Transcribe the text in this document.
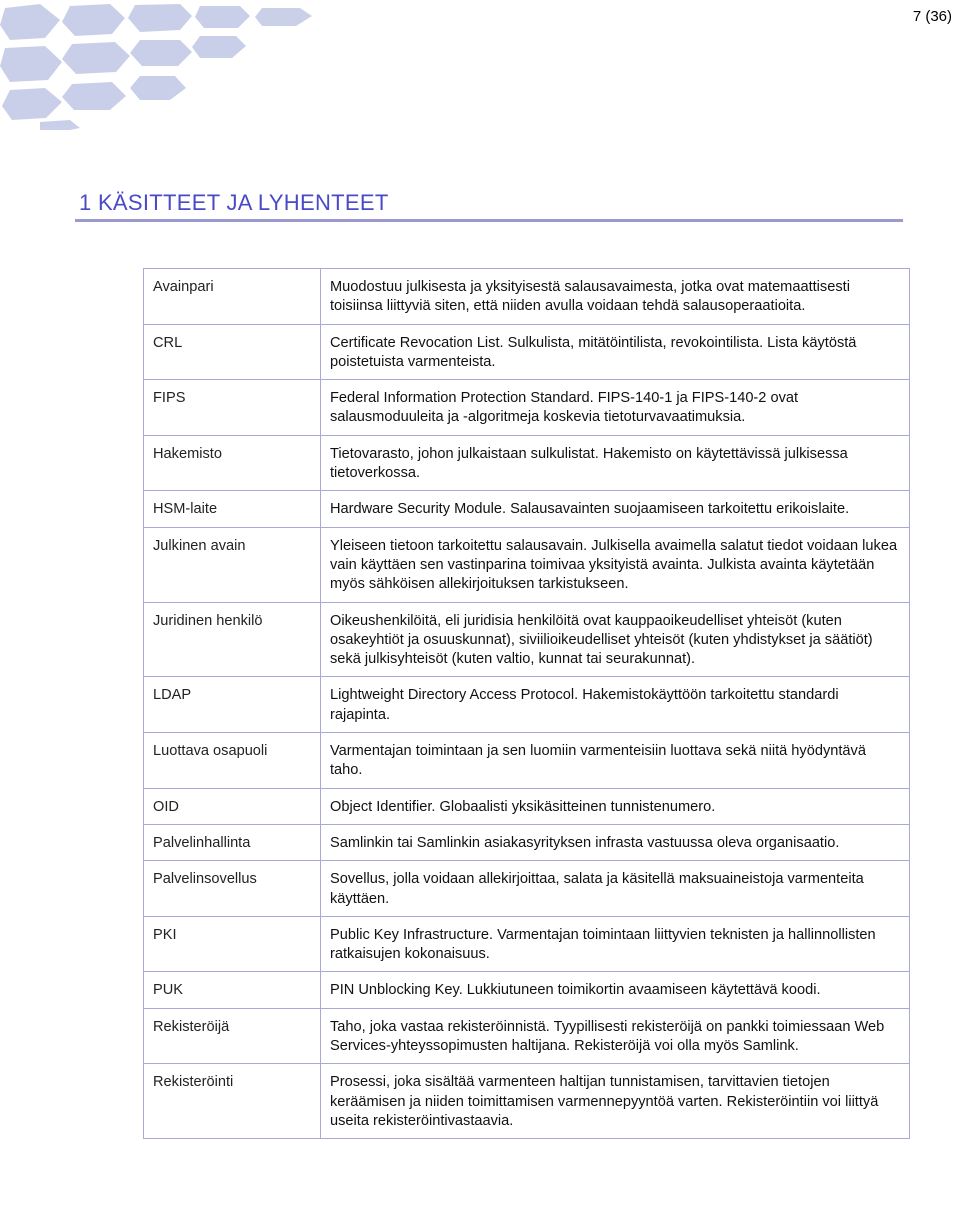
7 (36)
1 KÄSITTEET JA LYHENTEET
Avainpari	Muodostuu julkisesta ja yksityisestä salausavaimesta, jotka ovat matemaattisesti toisiinsa liittyviä siten, että niiden avulla voidaan tehdä salausoperaatioita.
CRL	Certificate Revocation List. Sulkulista, mitätöintilista, revokointilista. Lista käytöstä poistetuista varmenteista.
FIPS	Federal Information Protection Standard. FIPS-140-1 ja FIPS-140-2 ovat salausmoduuleita ja -algoritmeja koskevia tietoturvavaatimuksia.
Hakemisto	Tietovarasto, johon julkaistaan sulkulistat. Hakemisto on käytettävissä julkisessa tietoverkossa.
HSM-laite	Hardware Security Module. Salausavainten suojaamiseen tarkoitettu erikoislaite.
Julkinen avain	Yleiseen tietoon tarkoitettu salausavain. Julkisella avaimella salatut tiedot voidaan lukea vain käyttäen sen vastinparina toimivaa yksityistä avainta. Julkista avainta käytetään myös sähköisen allekirjoituksen tarkistukseen.
Juridinen henkilö	Oikeushenkilöitä, eli juridisia henkilöitä ovat kauppaoikeudelliset yhteisöt (kuten osakeyhtiöt ja osuuskunnat), siviilioikeudelliset yhteisöt (kuten yhdistykset ja säätiöt) sekä julkisyhteisöt (kuten valtio, kunnat tai seurakunnat).
LDAP	Lightweight Directory Access Protocol. Hakemistokäyttöön tarkoitettu standardi rajapinta.
Luottava osapuoli	Varmentajan toimintaan ja sen luomiin varmenteisiin luottava sekä niitä hyödyntävä taho.
OID	Object Identifier. Globaalisti yksikäsitteinen tunnistenumero.
Palvelinhallinta	Samlinkin tai Samlinkin asiakasyrityksen infrasta vastuussa oleva organisaatio.
Palvelinsovellus	Sovellus, jolla voidaan allekirjoittaa, salata ja käsitellä maksuaineistoja varmenteita käyttäen.
PKI	Public Key Infrastructure. Varmentajan toimintaan liittyvien teknisten ja hallinnollisten ratkaisujen kokonaisuus.
PUK	PIN Unblocking Key. Lukkiutuneen toimikortin avaamiseen käytettävä koodi.
Rekisteröijä	Taho, joka vastaa rekisteröinnistä. Tyypillisesti rekisteröijä on pankki toimiessaan Web Services-yhteyssopimusten haltijana. Rekisteröijä voi olla myös Samlink.
Rekisteröinti	Prosessi, joka sisältää varmenteen haltijan tunnistamisen, tarvittavien tietojen keräämisen ja niiden toimittamisen varmennepyyntöä varten. Rekisteröintiin voi liittyä useita rekisteröintivastaavia.
